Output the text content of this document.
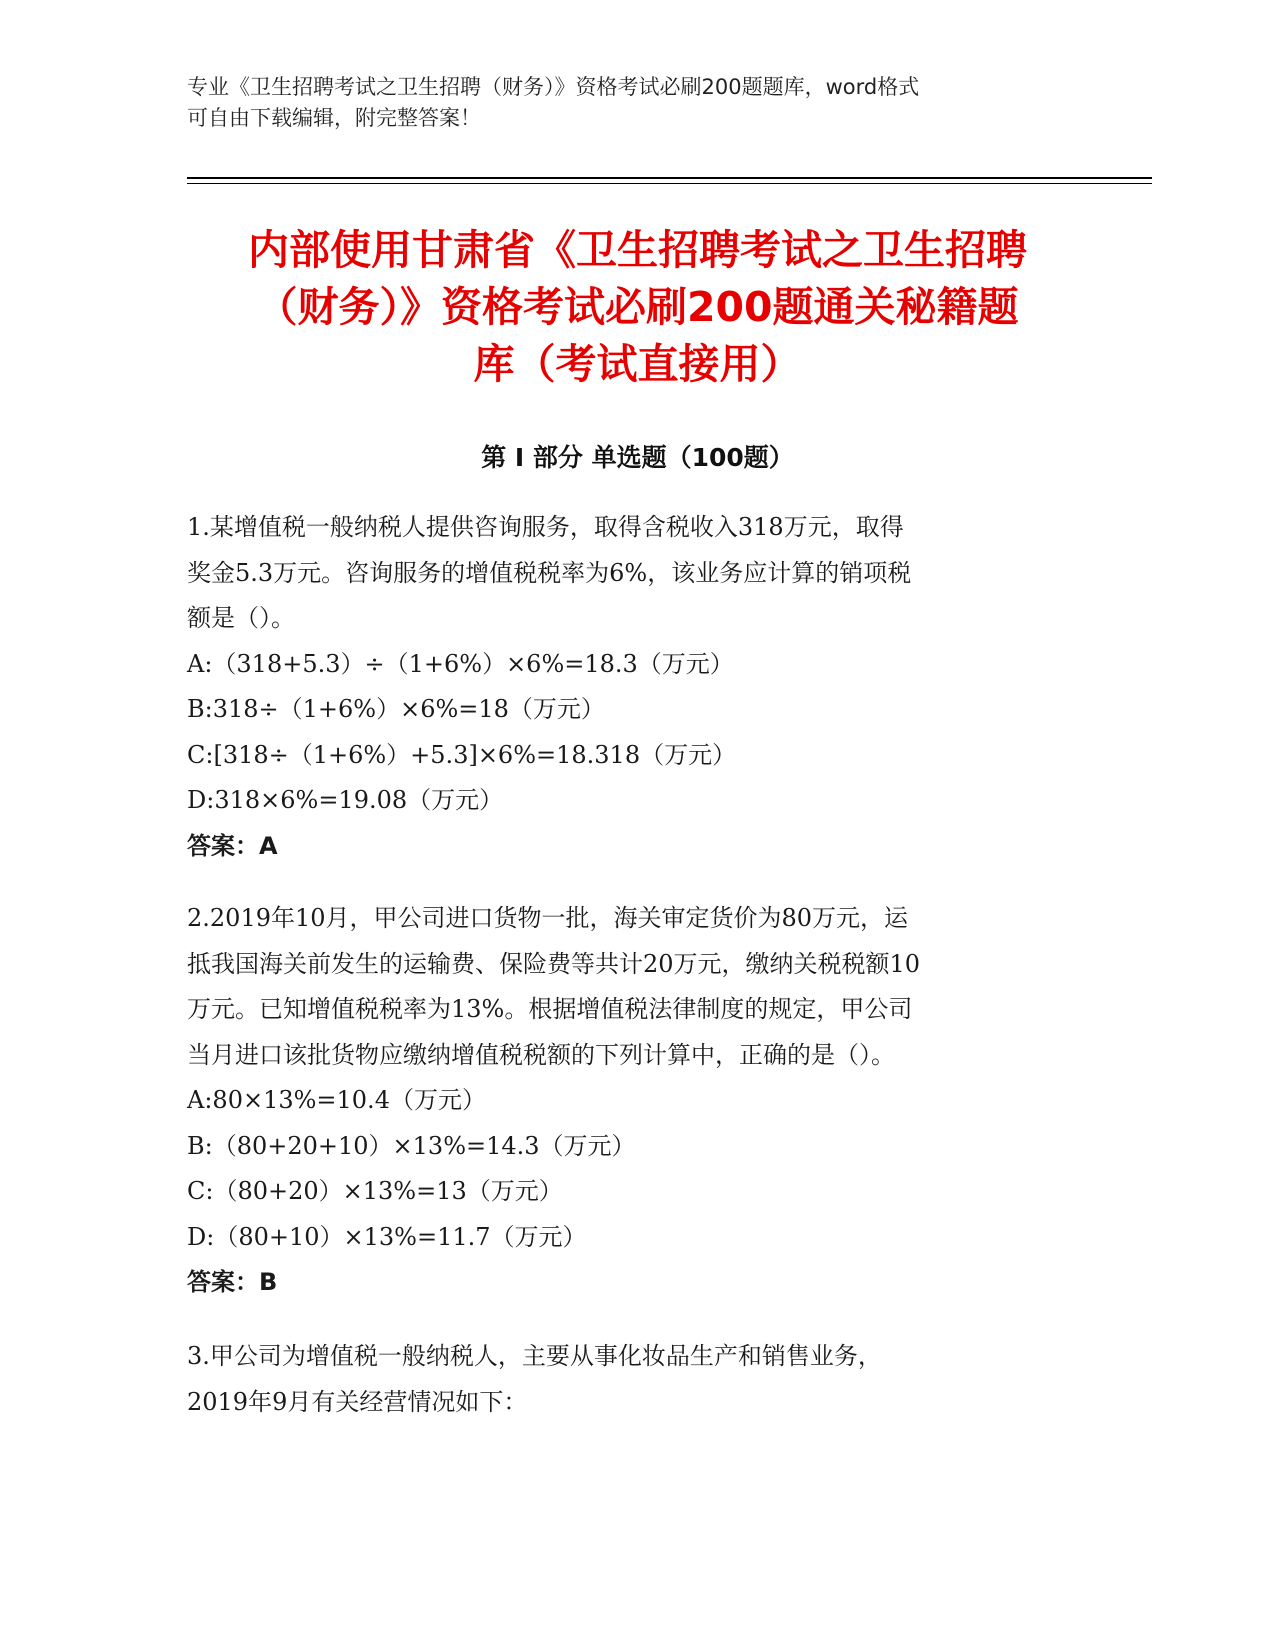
专业《卫生招聘考试之卫生招聘（财务）》资格考试必刷200题题库，word格式

可自由下载编辑，附完整答案！

内部使用甘肃省《卫生招聘考试之卫生招聘
（财务）》资格考试必刷200题通关秘籍题
库（考试直接用）
第 I 部分 单选题（100题）

1.某增值税一般纳税人提供咨询服务，取得含税收入318万元，取得

奖金5.3万元。咨询服务的增值税税率为6%，该业务应计算的销项税

额是（）。

A:（318+5.3）÷（1+6%）×6%=18.3（万元）

B:318÷（1+6%）×6%=18（万元）

C:[318÷（1+6%）+5.3]×6%=18.318（万元）

D:318×6%=19.08（万元）

答案：A

2.2019年10月，甲公司进口货物一批，海关审定货价为80万元，运

抵我国海关前发生的运输费、保险费等共计20万元，缴纳关税税额10

万元。已知增值税税率为13%。根据增值税法律制度的规定，甲公司

当月进口该批货物应缴纳增值税税额的下列计算中，正确的是（）。

A:80×13%=10.4（万元）

B:（80+20+10）×13%=14.3（万元）

C:（80+20）×13%=13（万元）

D:（80+10）×13%=11.7（万元）

答案：B

3.甲公司为增值税一般纳税人，主要从事化妆品生产和销售业务，

2019年9月有关经营情况如下：
